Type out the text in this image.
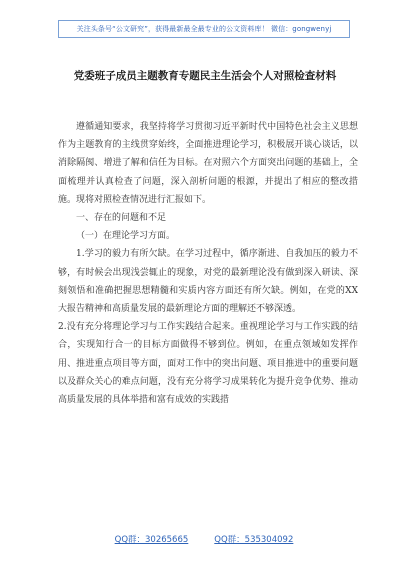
关注头条号“公文研究”，获得最新最全最专业的公文资料库！ 微信：gongwenyj
党委班子成员主题教育专题民主生活会个人对照检查材料

遵循通知要求，我坚持将学习贯彻习近平新时代中国特色社会主义思想作为主题教育的主线贯穿始终，全面推进理论学习，积极展开谈心谈话，以消除隔阂、增进了解和信任为目标。在对照六个方面突出问题的基础上，全面梳理并认真检查了问题，深入剖析问题的根源，并提出了相应的整改措施。现将对照检查情况进行汇报如下。

一、存在的问题和不足

（一）在理论学习方面。

1.学习的毅力有所欠缺。在学习过程中，循序渐进、自我加压的毅力不够，有时候会出现浅尝辄止的现象，对党的最新理论没有做到深入研读、深刻领悟和准确把握思想精髓和实质内容方面还有所欠缺。例如，在党的XX大报告精神和高质量发展的最新理论方面的理解还不够深透。

2.没有充分将理论学习与工作实践结合起来。重视理论学习与工作实践的结合，实现知行合一的目标方面做得不够到位。例如，在重点领域如发挥作用、推进重点项目等方面，面对工作中的突出问题、项目推进中的重要问题以及群众关心的难点问题，没有充分将学习成果转化为提升竞争优势、推动高质量发展的具体举措和富有成效的实践措

QQ群：30265665	QQ群：535304092
